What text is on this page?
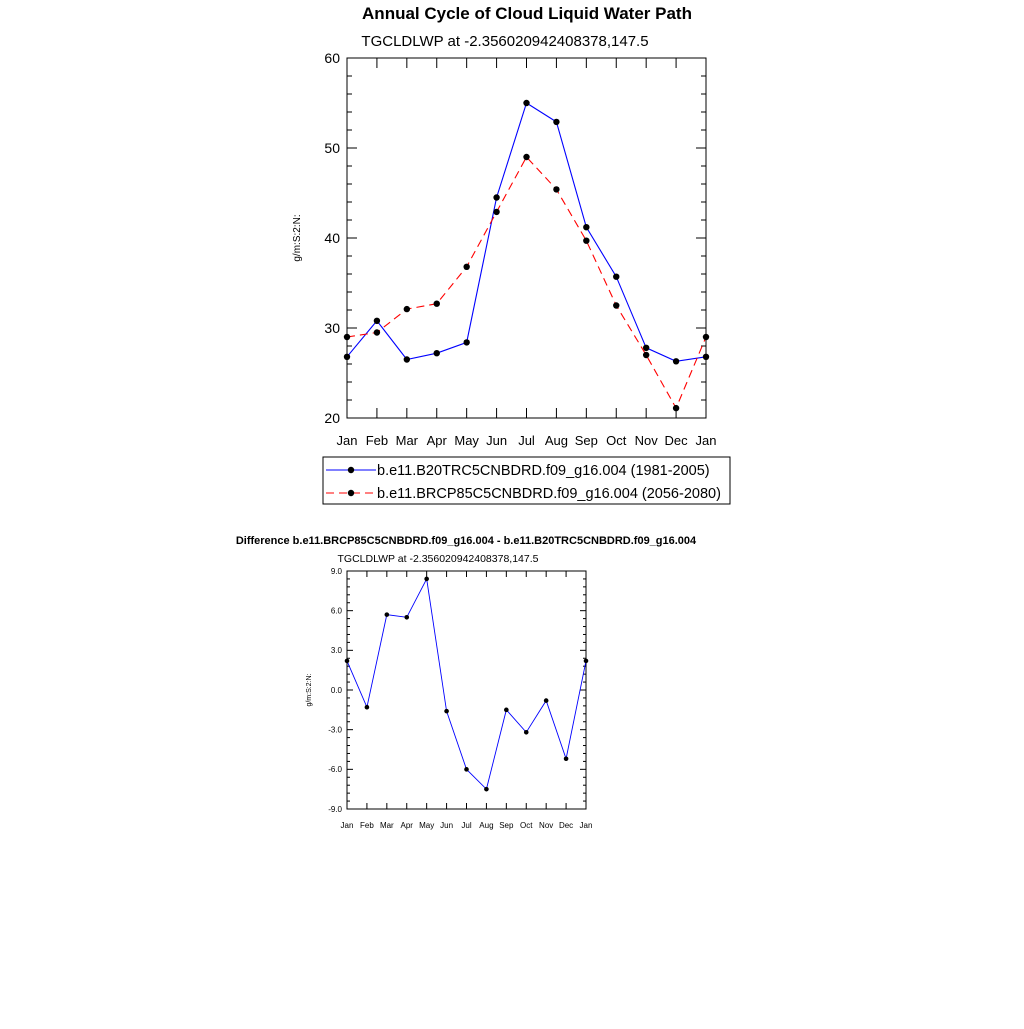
Annual Cycle of Cloud Liquid Water Path
TGCLDLWP at -2.356020942408378,147.5
g/m:S:2:N:
20
30
40
50
60
Jan Feb Mar Apr May Jun Jul Aug Sep Oct Nov Dec Jan
b.e11.B20TRC5CNBDRD.f09_g16.004 (1981-2005)
b.e11.BRCP85C5CNBDRD.f09_g16.004 (2056-2080)
Difference b.e11.BRCP85C5CNBDRD.f09_g16.004 - b.e11.B20TRC5CNBDRD.f09_g16.004
TGCLDLWP at -2.356020942408378,147.5
g/m:S:2:N:
-9.0
-6.0
-3.0
0.0
3.0
6.0
9.0
Jan Feb Mar Apr May Jun Jul Aug Sep Oct Nov Dec Jan
